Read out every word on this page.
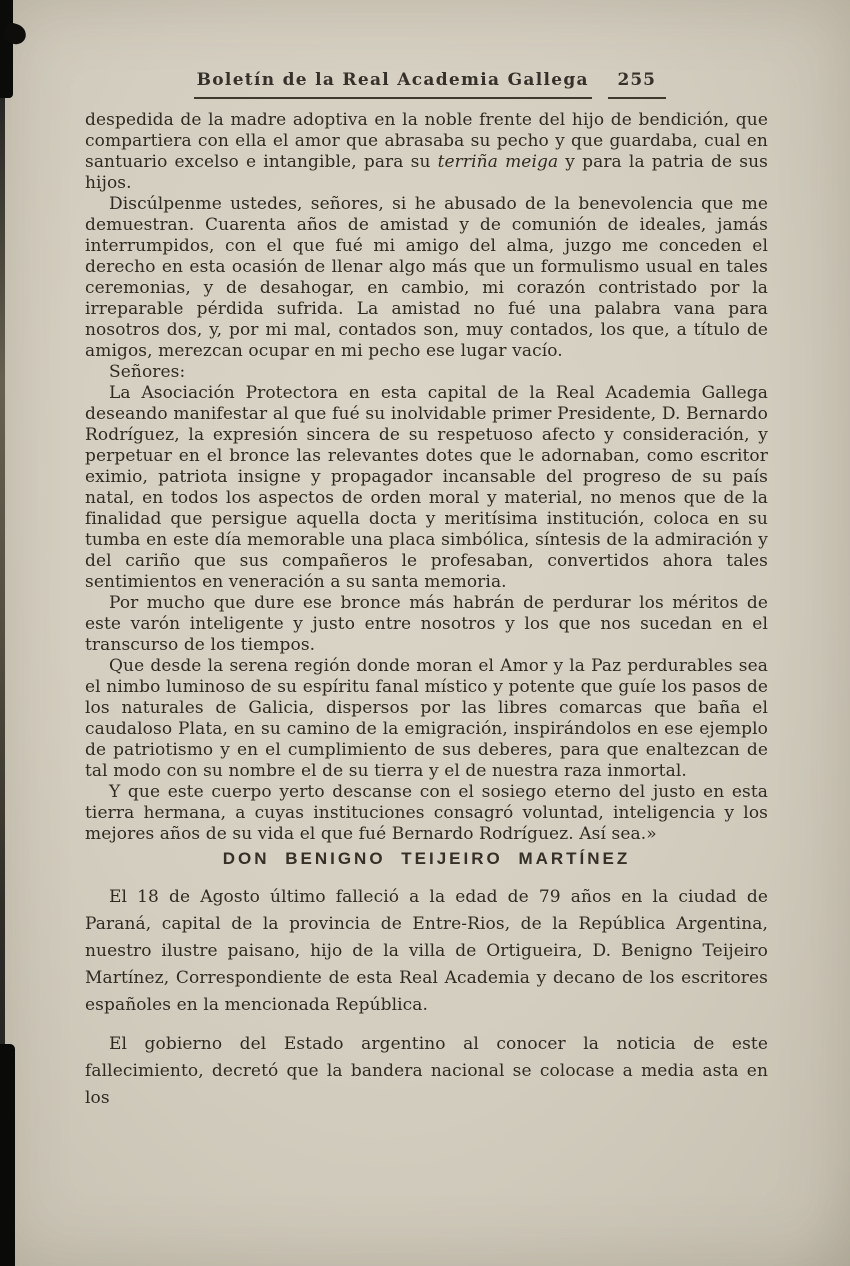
Boletín de la Real Academia Gallega	255

despedida de la madre adoptiva en la noble frente del hijo de bendición, que compartiera con ella el amor que abrasaba su pecho y que guardaba, cual en santuario excelso e intangible, para su terriña meiga y para la patria de sus hijos.

Discúlpenme ustedes, señores, si he abusado de la benevolencia que me demuestran. Cuarenta años de amistad y de comunión de ideales, jamás interrumpidos, con el que fué mi amigo del alma, juzgo me conceden el derecho en esta ocasión de llenar algo más que un formulismo usual en tales ceremonias, y de desahogar, en cambio, mi corazón contristado por la irreparable pérdida sufrida. La amistad no fué una palabra vana para nosotros dos, y, por mi mal, contados son, muy contados, los que, a título de amigos, merezcan ocupar en mi pecho ese lugar vacío.

Señores:

La Asociación Protectora en esta capital de la Real Academia Gallega deseando manifestar al que fué su inolvidable primer Presidente, D. Bernardo Rodríguez, la expresión sincera de su respetuoso afecto y consideración, y perpetuar en el bronce las relevantes dotes que le adornaban, como escritor eximio, patriota insigne y propagador incansable del progreso de su país natal, en todos los aspectos de orden moral y material, no menos que de la finalidad que persigue aquella docta y meritísima institución, coloca en su tumba en este día memorable una placa simbólica, síntesis de la admiración y del cariño que sus compañeros le profesaban, convertidos ahora tales sentimientos en veneración a su santa memoria.

Por mucho que dure ese bronce más habrán de perdurar los méritos de este varón inteligente y justo entre nosotros y los que nos sucedan en el transcurso de los tiempos.

Que desde la serena región donde moran el Amor y la Paz perdurables sea el nimbo luminoso de su espíritu fanal místico y potente que guíe los pasos de los naturales de Galicia, dispersos por las libres comarcas que baña el caudaloso Plata, en su camino de la emigración, inspirándolos en ese ejemplo de patriotismo y en el cumplimiento de sus deberes, para que enaltezcan de tal modo con su nombre el de su tierra y el de nuestra raza inmortal.

Y que este cuerpo yerto descanse con el sosiego eterno del justo en esta tierra hermana, a cuyas instituciones consagró voluntad, inteligencia y los mejores años de su vida el que fué Bernardo Rodríguez. Así sea.»

DON BENIGNO TEIJEIRO MARTÍNEZ

El 18 de Agosto último falleció a la edad de 79 años en la ciudad de Paraná, capital de la provincia de Entre-Rios, de la República Argentina, nuestro ilustre paisano, hijo de la villa de Ortigueira, D. Benigno Teijeiro Martínez, Correspondiente de esta Real Academia y decano de los escritores españoles en la mencionada República.

El gobierno del Estado argentino al conocer la noticia de este fallecimiento, decretó que la bandera nacional se colocase a media asta en los
